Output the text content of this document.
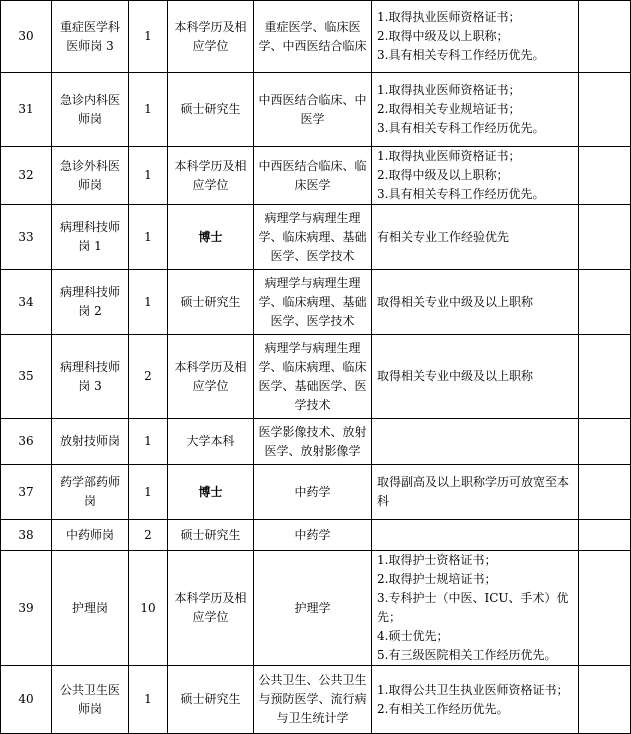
30	重症医学科医师岗 3	1	本科学历及相应学位	重症医学、临床医学、中西医结合临床	1.取得执业医师资格证书；
2.取得中级及以上职称；
3.具有相关专科工作经历优先。	

31	急诊内科医师岗	1	硕士研究生	中西医结合临床、中医学	1.取得执业医师资格证书；
2.取得相关专业规培证书；
3.具有相关专科工作经历优先。	

32	急诊外科医师岗	1	本科学历及相应学位	中西医结合临床、临床医学	1.取得执业医师资格证书；
2.取得中级及以上职称；
3.具有相关专科工作经历优先。	

33	病理科技师岗 1	1	博士	病理学与病理生理学、临床病理、基础医学、医学技术	有相关专业工作经验优先	

34	病理科技师岗 2	1	硕士研究生	病理学与病理生理学、临床病理、基础医学、医学技术	取得相关专业中级及以上职称	

35	病理科技师岗 3	2	本科学历及相应学位	病理学与病理生理学、临床病理、临床医学、基础医学、医学技术	取得相关专业中级及以上职称	

36	放射技师岗	1	大学本科	医学影像技术、放射医学、放射影像学		
37	药学部药师岗	1	博士	中药学	取得副高及以上职称学历可放宽至本科	

38	中药师岗	2	硕士研究生	中药学		
39	护理岗	10	本科学历及相应学位	护理学	1.取得护士资格证书；
2.取得护士规培证书；
3.专科护士（中医、ICU、手术）优先；
4.硕士优先；
5.有三级医院相关工作经历优先。	

40	公共卫生医师岗	1	硕士研究生	公共卫生、公共卫生与预防医学、流行病与卫生统计学	1.取得公共卫生执业医师资格证书；
2.有相关工作经历优先。	
